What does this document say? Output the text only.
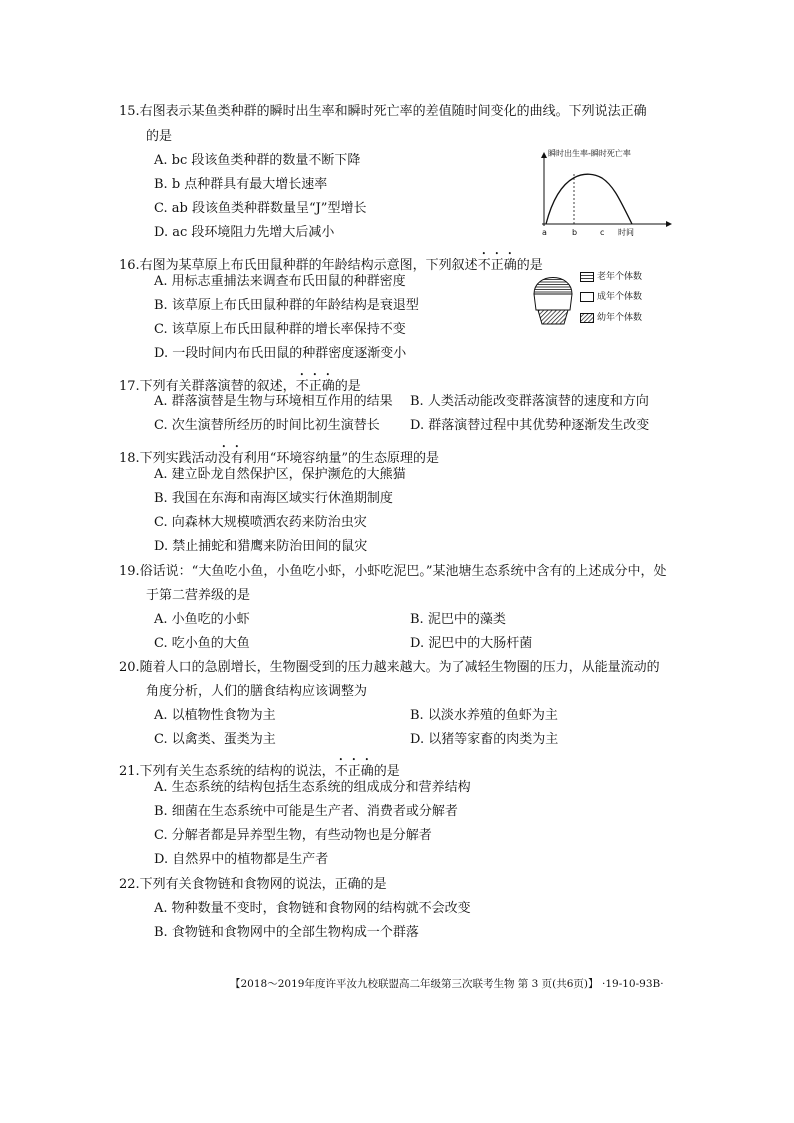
15.右图表示某鱼类种群的瞬时出生率和瞬时死亡率的差值随时间变化的曲线。下列说法正确
的是
A. bc 段该鱼类种群的数量不断下降
B. b 点种群具有最大增长速率
C. ab 段该鱼类种群数量呈“J”型增长
D. ac 段环境阻力先增大后减小
瞬时出生率-瞬时死亡率
a	b	c 时间
16.右图为某草原上布氏田鼠种群的年龄结构示意图，下列叙述不正确的是
A. 用标志重捕法来调查布氏田鼠的种群密度
B. 该草原上布氏田鼠种群的年龄结构是衰退型
C. 该草原上布氏田鼠种群的增长率保持不变
D. 一段时间内布氏田鼠的种群密度逐渐变小
老年个体数
成年个体数
幼年个体数
17.下列有关群落演替的叙述，不正确的是
A. 群落演替是生物与环境相互作用的结果 B. 人类活动能改变群落演替的速度和方向
C. 次生演替所经历的时间比初生演替长 D. 群落演替过程中其优势种逐渐发生改变
18.下列实践活动没有利用“环境容纳量”的生态原理的是
A. 建立卧龙自然保护区，保护濒危的大熊猫
B. 我国在东海和南海区域实行休渔期制度
C. 向森林大规模喷洒农药来防治虫灾
D. 禁止捕蛇和猎鹰来防治田间的鼠灾
19.俗话说：“大鱼吃小鱼，小鱼吃小虾，小虾吃泥巴。”某池塘生态系统中含有的上述成分中，处
于第二营养级的是
A. 小鱼吃的小虾	B. 泥巴中的藻类
C. 吃小鱼的大鱼	D. 泥巴中的大肠杆菌
20.随着人口的急剧增长，生物圈受到的压力越来越大。为了减轻生物圈的压力，从能量流动的
角度分析，人们的膳食结构应该调整为
A. 以植物性食物为主	B. 以淡水养殖的鱼虾为主
C. 以禽类、蛋类为主	D. 以猪等家畜的肉类为主
21.下列有关生态系统的结构的说法，不正确的是
A. 生态系统的结构包括生态系统的组成成分和营养结构
B. 细菌在生态系统中可能是生产者、消费者或分解者
C. 分解者都是异养型生物，有些动物也是分解者
D. 自然界中的植物都是生产者
22.下列有关食物链和食物网的说法，正确的是
A. 物种数量不变时，食物链和食物网的结构就不会改变
B. 食物链和食物网中的全部生物构成一个群落
【2018～2019年度许平汝九校联盟高二年级第三次联考生物 第 3 页(共6页)】 ·19-10-93B·
